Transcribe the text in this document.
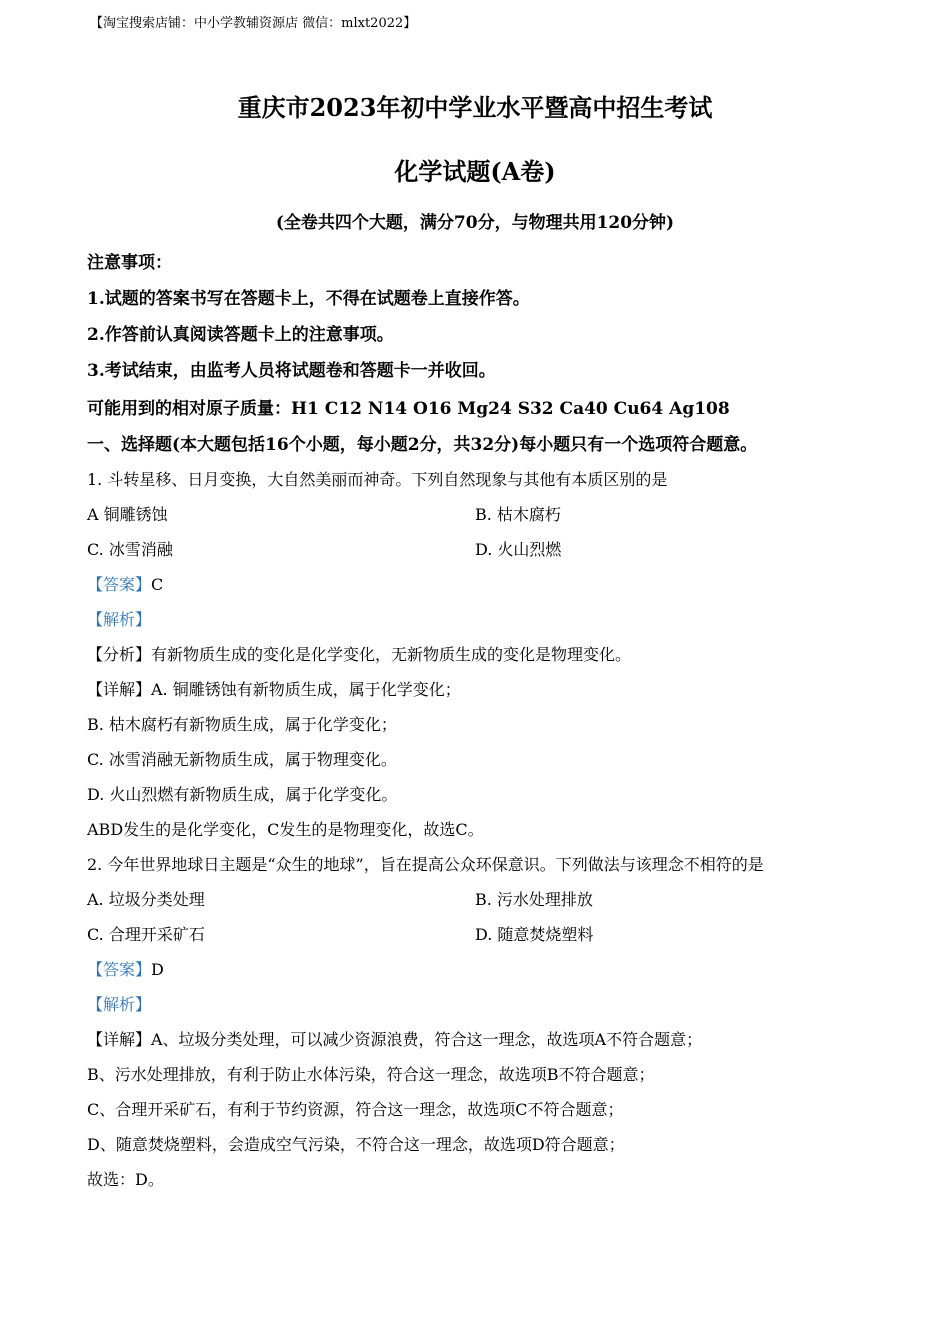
【淘宝搜索店铺：中小学教辅资源店 微信：mlxt2022】
重庆市2023年初中学业水平暨高中招生考试
化学试题(A卷)
(全卷共四个大题，满分70分，与物理共用120分钟)
注意事项：
1.试题的答案书写在答题卡上，不得在试题卷上直接作答。
2.作答前认真阅读答题卡上的注意事项。
3.考试结束，由监考人员将试题卷和答题卡一并收回。
可能用到的相对原子质量：H1 C12 N14 O16 Mg24 S32 Ca40 Cu64 Ag108
一、选择题(本大题包括16个小题，每小题2分，共32分)每小题只有一个选项符合题意。
1. 斗转星移、日月变换，大自然美丽而神奇。下列自然现象与其他有本质区别的是
A 铜雕锈蚀	B. 枯木腐朽
C. 冰雪消融	D. 火山烈燃
【答案】C
【解析】
【分析】有新物质生成的变化是化学变化，无新物质生成的变化是物理变化。
【详解】A. 铜雕锈蚀有新物质生成，属于化学变化；
B. 枯木腐朽有新物质生成，属于化学变化；
C. 冰雪消融无新物质生成，属于物理变化。
D. 火山烈燃有新物质生成，属于化学变化。
ABD发生的是化学变化，C发生的是物理变化，故选C。
2. 今年世界地球日主题是“众生的地球”，旨在提高公众环保意识。下列做法与该理念不相符的是
A. 垃圾分类处理	B. 污水处理排放
C. 合理开采矿石	D. 随意焚烧塑料
【答案】D
【解析】
【详解】A、垃圾分类处理，可以减少资源浪费，符合这一理念，故选项A不符合题意；
B、污水处理排放，有利于防止水体污染，符合这一理念，故选项B不符合题意；
C、合理开采矿石，有利于节约资源，符合这一理念，故选项C不符合题意；
D、随意焚烧塑料，会造成空气污染，不符合这一理念，故选项D符合题意；
故选：D。
